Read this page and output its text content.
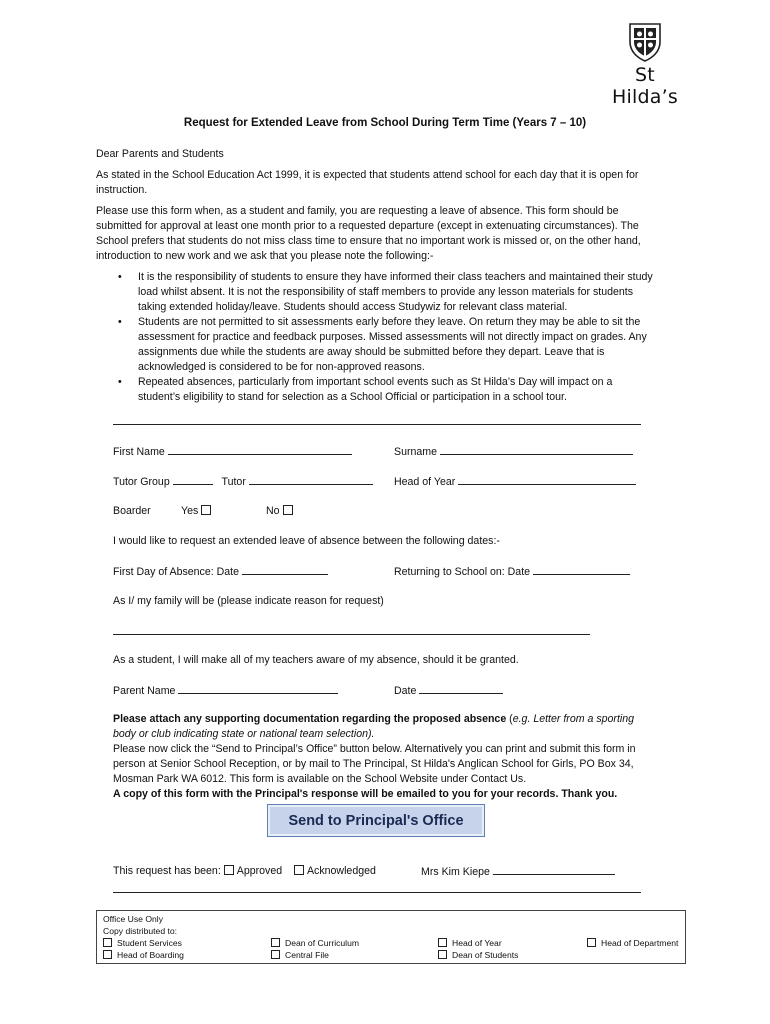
St Hilda’s
Request for Extended Leave from School During Term Time (Years 7 – 10)

Dear Parents and Students

As stated in the School Education Act 1999, it is expected that students attend school for each day that it is open for instruction.

Please use this form when, as a student and family, you are requesting a leave of absence. This form should be submitted for approval at least one month prior to a requested departure (except in extenuating circumstances). The School prefers that students do not miss class time to ensure that no important work is missed or, on the other hand, introduction to new work and we ask that you please note the following:-

• It is the responsibility of students to ensure they have informed their class teachers and maintained their study load whilst absent. It is not the responsibility of staff members to provide any lesson materials for students taking extended holiday/leave. Students should access Studywiz for relevant class material.
• Students are not permitted to sit assessments early before they leave. On return they may be able to sit the assessment for practice and feedback purposes. Missed assessments will not directly impact on grades. Any assignments due while the students are away should be submitted before they depart. Leave that is acknowledged is considered to be for non-approved reasons.
• Repeated absences, particularly from important school events such as St Hilda’s Day will impact on a student’s eligibility to stand for selection as a School Official or participation in a school tour.
First Name	Surname
Tutor Group	Tutor	Head of Year
Boarder	Yes	No
I would like to request an extended leave of absence between the following dates:-
First Day of Absence: Date	Returning to School on: Date
As I/ my family will be (please indicate reason for request)
As a student, I will make all of my teachers aware of my absence, should it be granted.
Parent Name	Date
Please attach any supporting documentation regarding the proposed absence (e.g. Letter from a sporting body or club indicating state or national team selection).
Please now click the “Send to Principal’s Office” button below. Alternatively you can print and submit this form in person at Senior School Reception, or by mail to The Principal, St Hilda's Anglican School for Girls, PO Box 34, Mosman Park WA 6012. This form is available on the School Website under Contact Us.
A copy of this form with the Principal's response will be emailed to you for your records. Thank you.
Send to Principal's Office
This request has been: Approved Acknowledged	Mrs Kim Kiepe
Office Use Only
Copy distributed to:
Student Services	Dean of Curriculum	Head of Year	Head of Department
Head of Boarding	Central File	Dean of Students
